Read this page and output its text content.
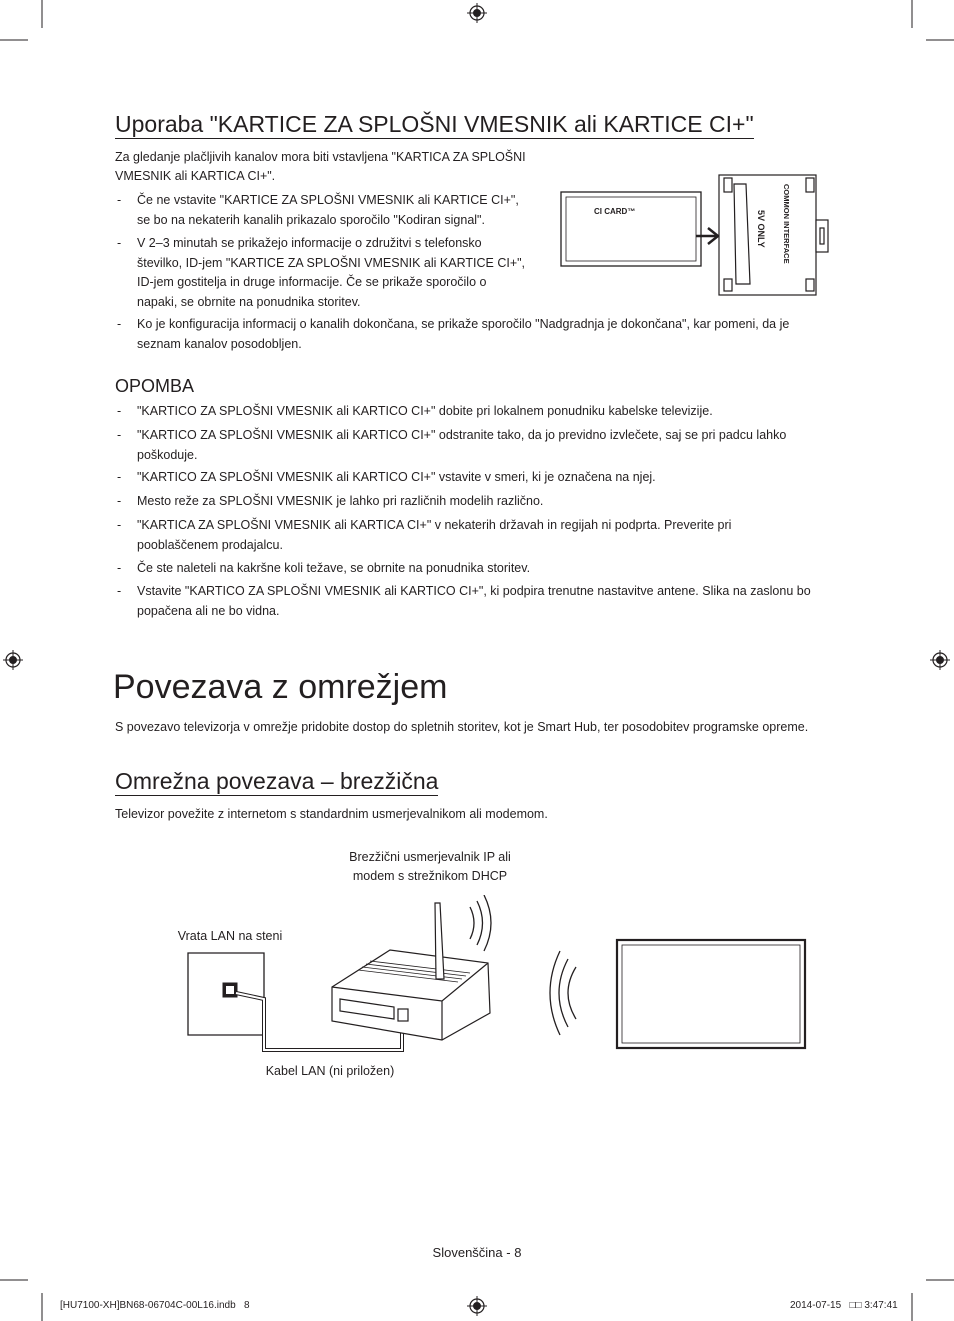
Uporaba "KARTICE ZA SPLOŠNI VMESNIK ali KARTICE CI+"

Za gledanje plačljivih kanalov mora biti vstavljena "KARTICA ZA SPLOŠNI

VMESNIK ali KARTICA CI+".

- Če ne vstavite "KARTICE ZA SPLOŠNI VMESNIK ali KARTICE CI+",
se bo na nekaterih kanalih prikazalo sporočilo "Kodiran signal".
- V 2–3 minutah se prikažejo informacije o združitvi s telefonsko
številko, ID-jem "KARTICE ZA SPLOŠNI VMESNIK ali KARTICE CI+",
ID-jem gostitelja in druge informacije. Če se prikaže sporočilo o
napaki, se obrnite na ponudnika storitev.
- Ko je konfiguracija informacij o kanalih dokončana, se prikaže sporočilo "Nadgradnja je dokončana", kar pomeni, da je
seznam kanalov posodobljen.
CI CARD™	COMMON INTERFACE
5V ONLY
OPOMBA
- "KARTICO ZA SPLOŠNI VMESNIK ali KARTICO CI+" dobite pri lokalnem ponudniku kabelske televizije.
- "KARTICO ZA SPLOŠNI VMESNIK ali KARTICO CI+" odstranite tako, da jo previdno izvlečete, saj se pri padcu lahko
poškoduje.
- "KARTICO ZA SPLOŠNI VMESNIK ali KARTICO CI+" vstavite v smeri, ki je označena na njej.
- Mesto reže za SPLOŠNI VMESNIK je lahko pri različnih modelih različno.
- "KARTICA ZA SPLOŠNI VMESNIK ali KARTICA CI+" v nekaterih državah in regijah ni podprta. Preverite pri
pooblaščenem prodajalcu.
- Če ste naleteli na kakršne koli težave, se obrnite na ponudnika storitev.
- Vstavite "KARTICO ZA SPLOŠNI VMESNIK ali KARTICO CI+", ki podpira trenutne nastavitve antene. Slika na zaslonu bo
popačena ali ne bo vidna.
Povezava z omrežjem

S povezavo televizorja v omrežje pridobite dostop do spletnih storitev, kot je Smart Hub, ter posodobitev programske opreme.

Omrežna povezava – brezžična

Televizor povežite z internetom s standardnim usmerjevalnikom ali modemom.

Brezžični usmerjevalnik IP ali
modem s strežnikom DHCP
Vrata LAN na steni
Kabel LAN (ni priložen)
Slovenščina - 8
[HU7100-XH]BN68-06704C-00L16.indb   8	2014-07-15   □□ 3:47:41
